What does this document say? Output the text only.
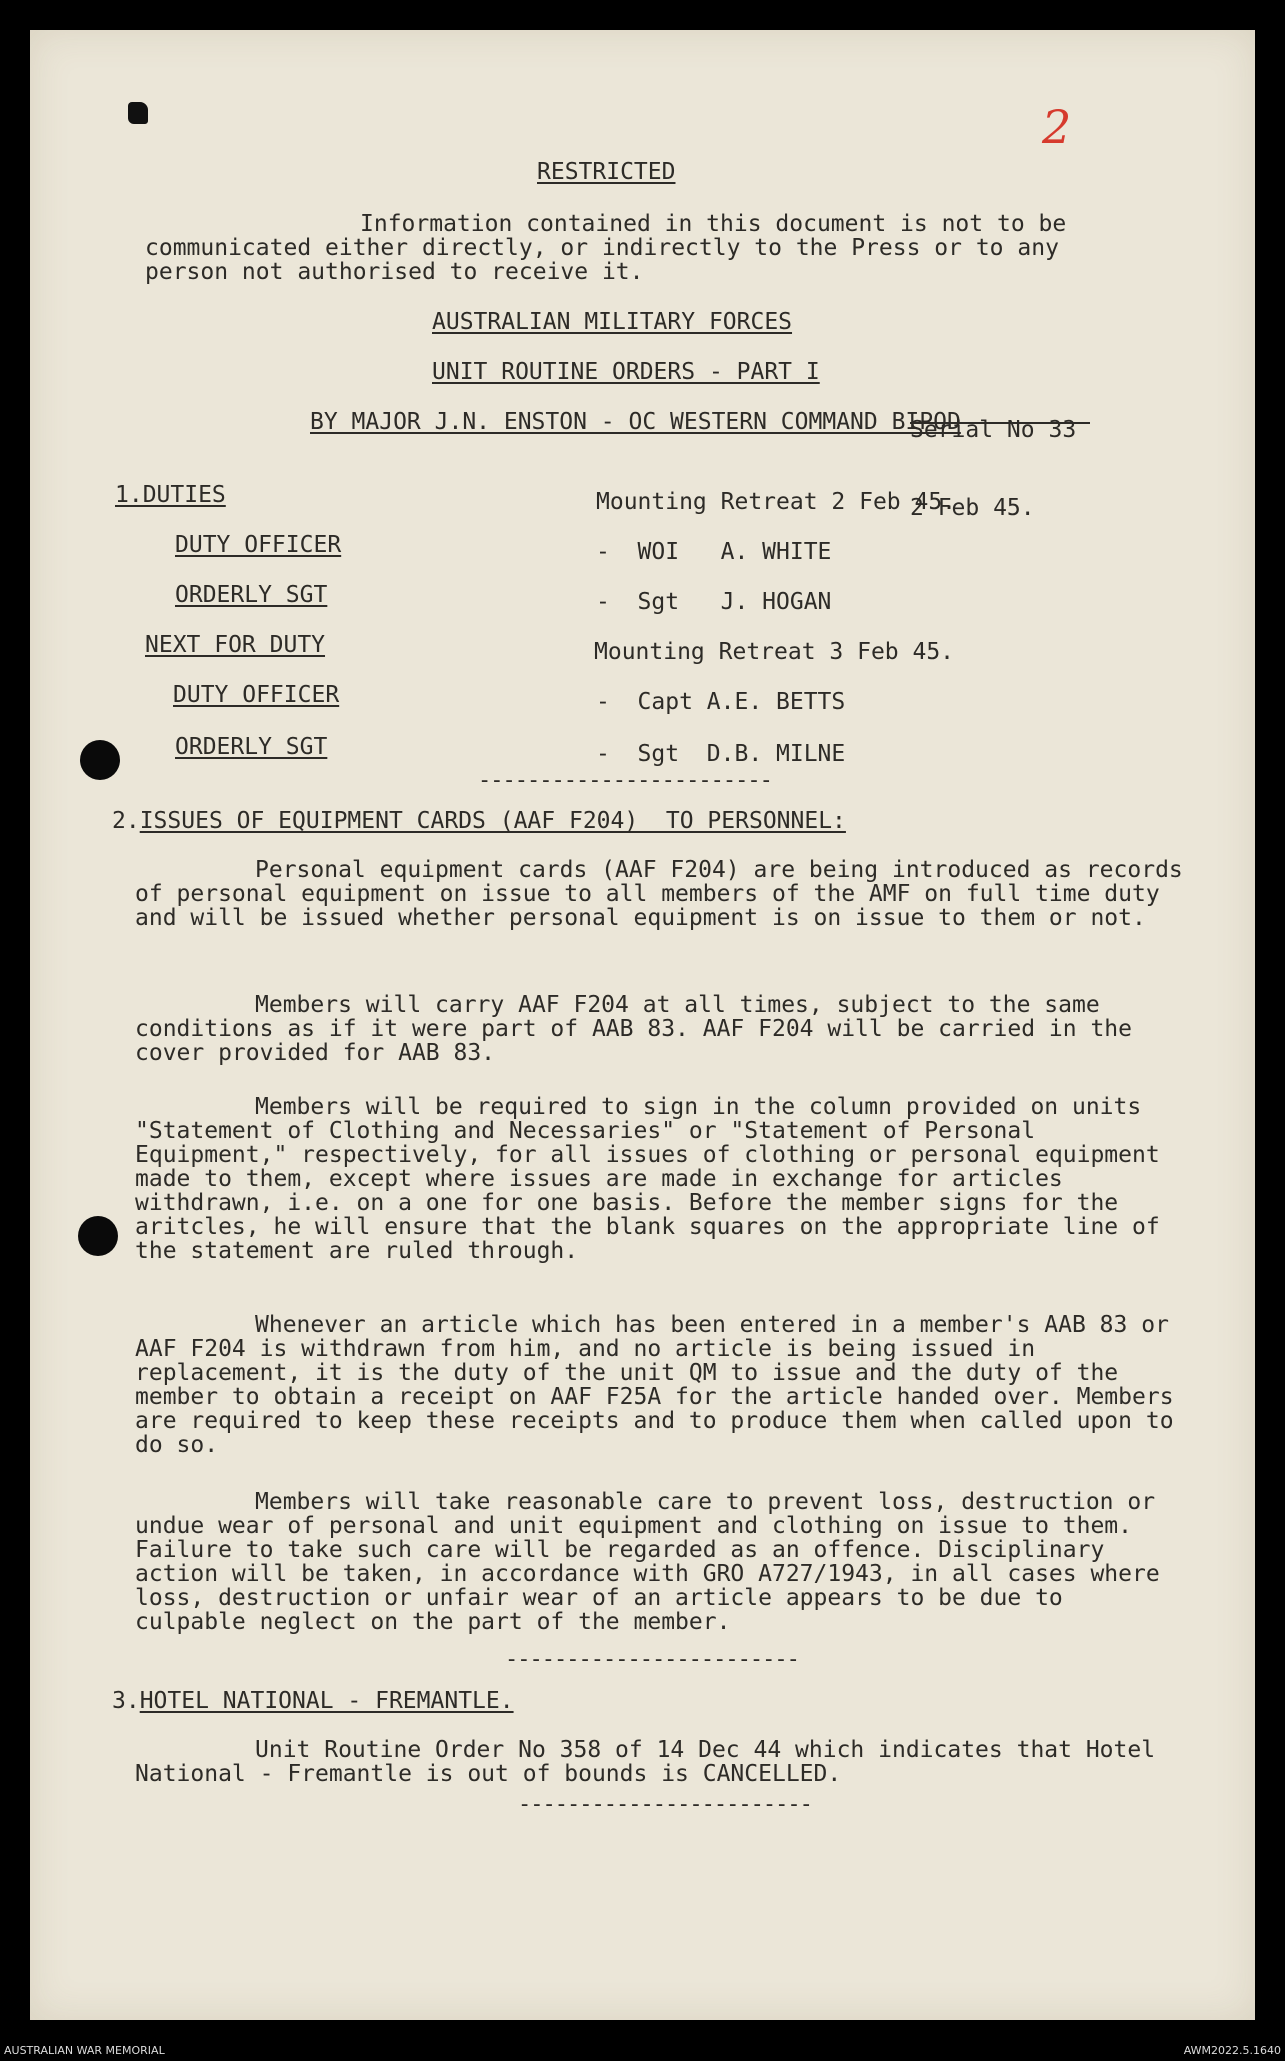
2
RESTRICTED
Information contained in this document is not to be communicated either directly, or indirectly to the Press or to any person not authorised to receive it.
AUSTRALIAN MILITARY FORCES
UNIT ROUTINE ORDERS - PART I

Serial No 33

2 Feb 45.

BY MAJOR J.N. ENSTON - OC WESTERN COMMAND BIPOD
1.DUTIES	Mounting Retreat 2 Feb 45.
DUTY OFFICER	-  WOI   A. WHITE
ORDERLY SGT	-  Sgt   J. HOGAN
NEXT FOR DUTY	Mounting Retreat 3 Feb 45.
DUTY OFFICER	-  Capt A.E. BETTS
ORDERLY SGT	-  Sgt  D.B. MILNE
------------------------
2.ISSUES OF EQUIPMENT CARDS (AAF F204)  TO PERSONNEL:
Personal equipment cards (AAF F204) are being introduced as records of personal equipment on issue to all members of the AMF on full time duty and will be issued whether personal equipment is on issue to them or not.
Members will carry AAF F204 at all times, subject to the same conditions as if it were part of AAB 83. AAF F204 will be carried in the cover provided for AAB 83.
Members will be required to sign in the column provided on units "Statement of Clothing and Necessaries" or "Statement of Personal Equipment," respectively, for all issues of clothing or personal equipment made to them, except where issues are made in exchange for articles withdrawn, i.e. on a one for one basis. Before the member signs for the aritcles, he will ensure that the blank squares on the appropriate line of the statement are ruled through.
Whenever an article which has been entered in a member's AAB 83 or AAF F204 is withdrawn from him, and no article is being issued in replacement, it is the duty of the unit QM to issue and the duty of the member to obtain a receipt on AAF F25A for the article handed over. Members are required to keep these receipts and to produce them when called upon to do so.
Members will take reasonable care to prevent loss, destruction or undue wear of personal and unit equipment and clothing on issue to them. Failure to take such care will be regarded as an offence. Disciplinary action will be taken, in accordance with GRO A727/1943, in all cases where loss, destruction or unfair wear of an article appears to be due to culpable neglect on the part of the member.
------------------------
3.HOTEL NATIONAL - FREMANTLE.
Unit Routine Order No 358 of 14 Dec 44 which indicates that Hotel National - Fremantle is out of bounds is CANCELLED.
------------------------
AUSTRALIAN WAR MEMORIAL	AWM2022.5.1640
